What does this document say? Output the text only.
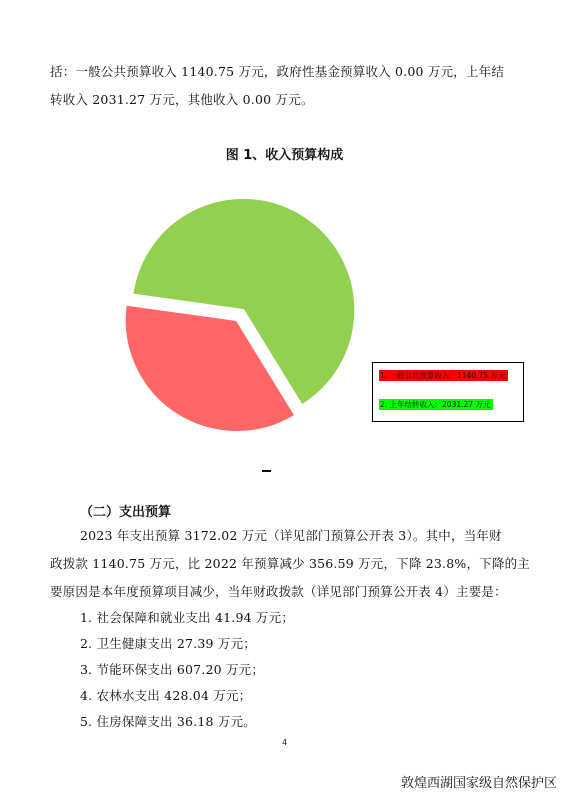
括：一般公共预算收入 1140.75 万元，政府性基金预算收入 0.00 万元，上年结
转收入 2031.27 万元，其他收入 0.00 万元。
图 1、收入预算构成
1. 一般公共预算收入：1140.75 万元
2. 上年结转收入：2031.27 万元
（二）支出预算
2023 年支出预算 3172.02 万元（详见部门预算公开表 3）。其中，当年财
政拨款 1140.75 万元，比 2022 年预算减少 356.59 万元，下降 23.8%，下降的主
要原因是本年度预算项目减少，当年财政拨款（详见部门预算公开表 4）主要是：
1. 社会保障和就业支出 41.94 万元；
2. 卫生健康支出 27.39 万元；
3. 节能环保支出 607.20 万元；
4. 农林水支出 428.04 万元；
5. 住房保障支出 36.18 万元。
4
敦煌西湖国家级自然保护区
